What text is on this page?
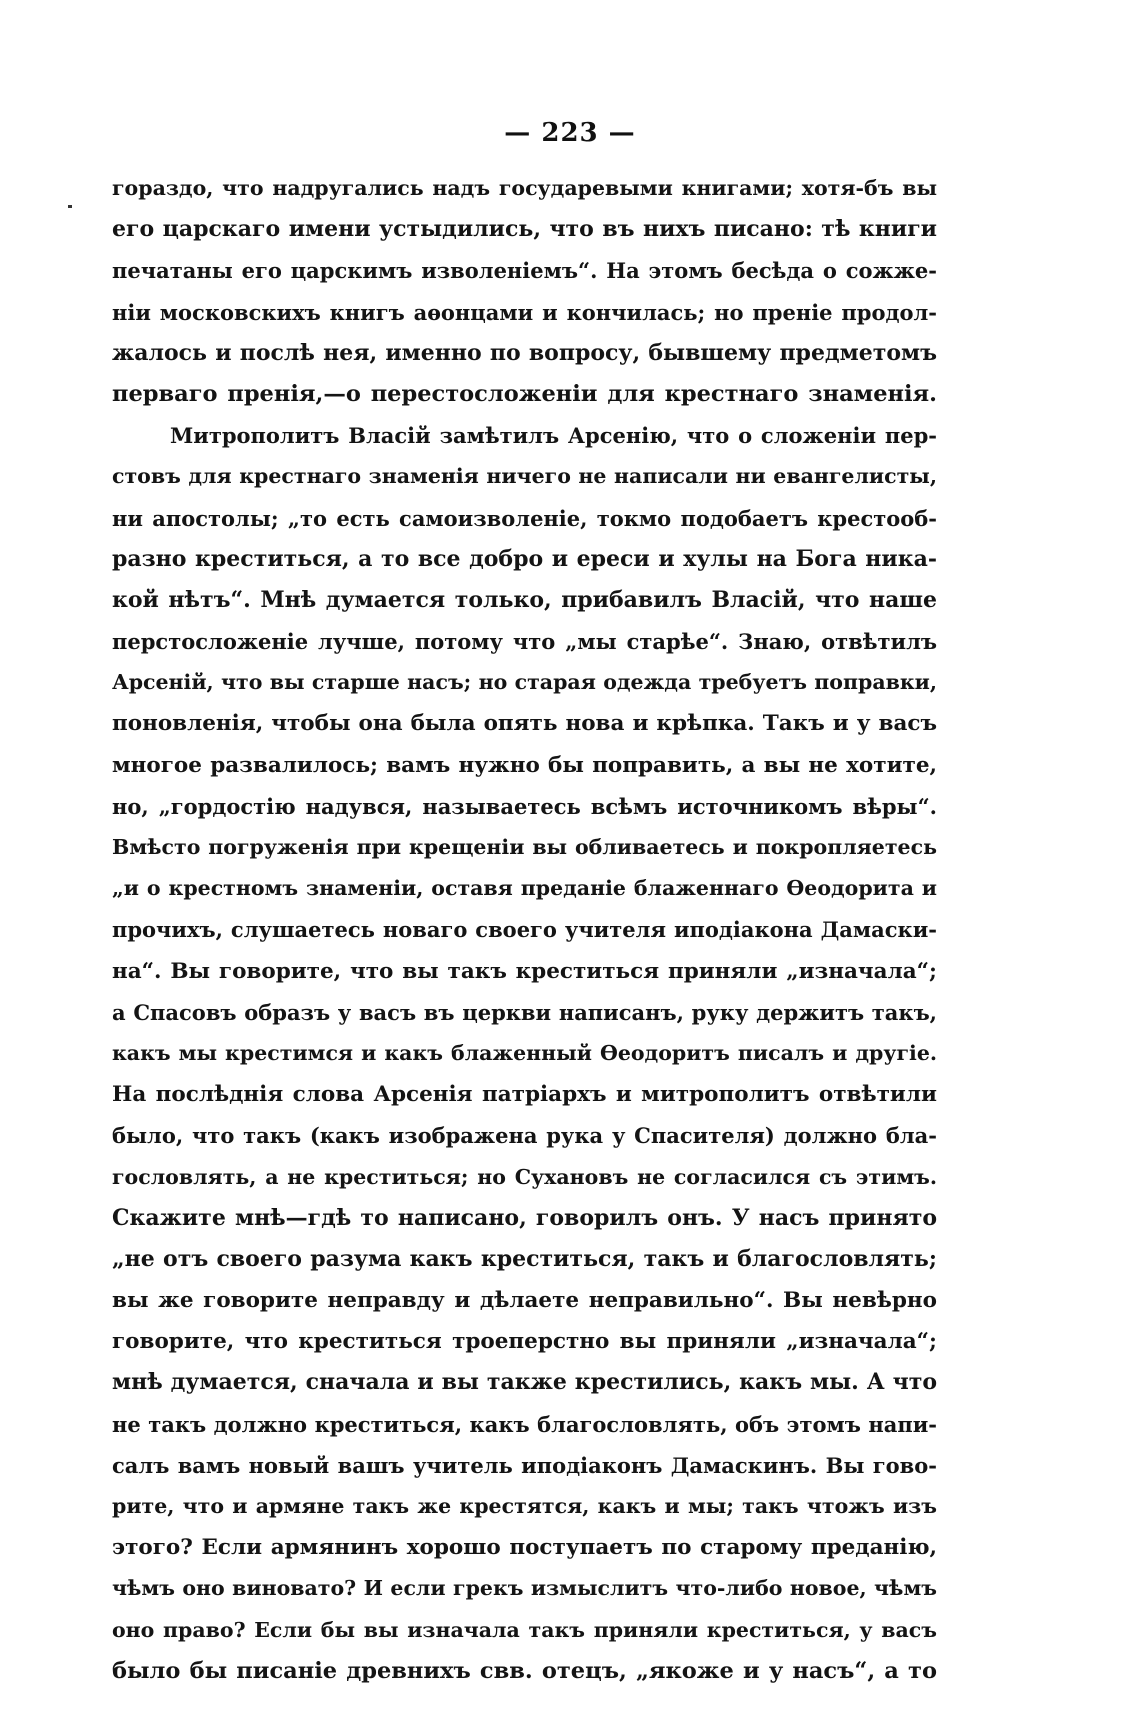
— 223 —
гораздо, что надругались надъ государевыми книгами; хотя-бъ вы
его царскаго имени устыдились, что въ нихъ писано: тѣ книги
печатаны его царскимъ изволеніемъ“. На этомъ бесѣда о сожже-
ніи московскихъ книгъ аѳонцами и кончилась; но преніе продол-
жалось и послѣ нея, именно по вопросу, бывшему предметомъ
перваго пренія,—о перестосложеніи для крестнаго знаменія.
Митрополитъ Власій замѣтилъ Арсенію, что о сложеніи пер-
стовъ для крестнаго знаменія ничего не написали ни евангелисты,
ни апостолы; „то есть самоизволеніе, токмо подобаетъ крестооб-
разно креститься, а то все добро и ереси и хулы на Бога никa-
кой нѣтъ“. Мнѣ думается только, прибавилъ Власій, что наше
перстосложеніе лучше, потому что „мы старѣе“. Знаю, отвѣтилъ
Арсеній, что вы старше насъ; но старая одежда требуетъ поправки,
поновленія, чтобы она была опять нова и крѣпка. Такъ и у васъ
многое развалилось; вамъ нужно бы поправить, а вы не хотите,
но, „гордостію надувся, называетесь всѣмъ источникомъ вѣры“.
Вмѣсто погруженія при крещеніи вы обливаетесь и покропляетесь
„и о крестномъ знаменіи, оставя преданіе блаженнаго Ѳеодорита и
прочихъ, слушаетесь новаго своего учителя иподіакона Дамаски-
на“. Вы говорите, что вы такъ креститься приняли „изначала“;
а Спасовъ образъ у васъ въ церкви написанъ, руку держитъ такъ,
какъ мы крестимся и какъ блаженный Ѳеодоритъ писалъ и другіе.
На послѣднія слова Арсенія патріархъ и митрополитъ отвѣтили
было, что такъ (какъ изображена рука у Спасителя) должно бла-
гословлять, а не креститься; но Сухановъ не согласился съ этимъ.
Скажите мнѣ—гдѣ то написано, говорилъ онъ. У насъ принято
„не отъ своего разума какъ креститься, такъ и благословлять;
вы же говорите неправду и дѣлаете неправильно“. Вы невѣрно
говорите, что креститься троеперстно вы приняли „изначала“;
мнѣ думается, сначала и вы также крестились, какъ мы. А что
не такъ должно креститься, какъ благословлять, объ этомъ напи-
салъ вамъ новый вашъ учитель иподіаконъ Дамаскинъ. Вы гово-
рите, что и армяне такъ же крестятся, какъ и мы; такъ чтожъ изъ
этого? Если армянинъ хорошо поступаетъ по старому преданію,
чѣмъ оно виновато? И если грекъ измыслитъ что-либо новое, чѣмъ
оно право? Если бы вы изначала такъ приняли креститься, у васъ
было бы писаніе древнихъ свв. отецъ, „якоже и у насъ“, а то
